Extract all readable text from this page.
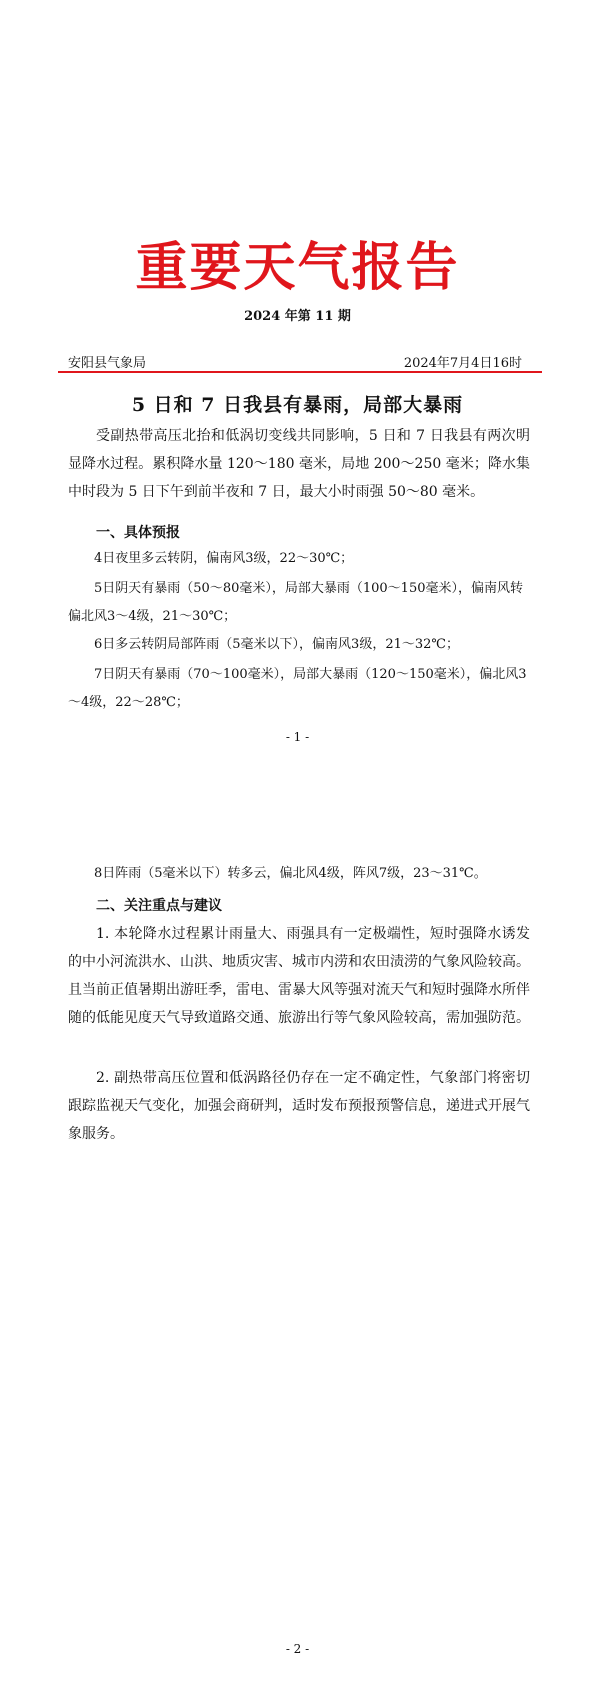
重要天气报告
2024 年第 11 期
安阳县气象局	2024年7月4日16时
5 日和 7 日我县有暴雨，局部大暴雨

受副热带高压北抬和低涡切变线共同影响，5 日和 7 日我县有两次明显降水过程。累积降水量 120～180 毫米，局地 200～250 毫米；降水集中时段为 5 日下午到前半夜和 7 日，最大小时雨强 50～80 毫米。

一、具体预报

4日夜里多云转阴，偏南风3级，22～30℃；

5日阴天有暴雨（50～80毫米），局部大暴雨（100～150毫米），偏南风转偏北风3～4级，21～30℃；

6日多云转阴局部阵雨（5毫米以下），偏南风3级，21～32℃；

7日阴天有暴雨（70～100毫米），局部大暴雨（120～150毫米），偏北风3～4级，22～28℃；

- 1 -

8日阵雨（5毫米以下）转多云，偏北风4级，阵风7级，23～31℃。

二、关注重点与建议

1. 本轮降水过程累计雨量大、雨强具有一定极端性，短时强降水诱发的中小河流洪水、山洪、地质灾害、城市内涝和农田渍涝的气象风险较高。且当前正值暑期出游旺季，雷电、雷暴大风等强对流天气和短时强降水所伴随的低能见度天气导致道路交通、旅游出行等气象风险较高，需加强防范。

2. 副热带高压位置和低涡路径仍存在一定不确定性，气象部门将密切跟踪监视天气变化，加强会商研判，适时发布预报预警信息，递进式开展气象服务。

- 2 -
